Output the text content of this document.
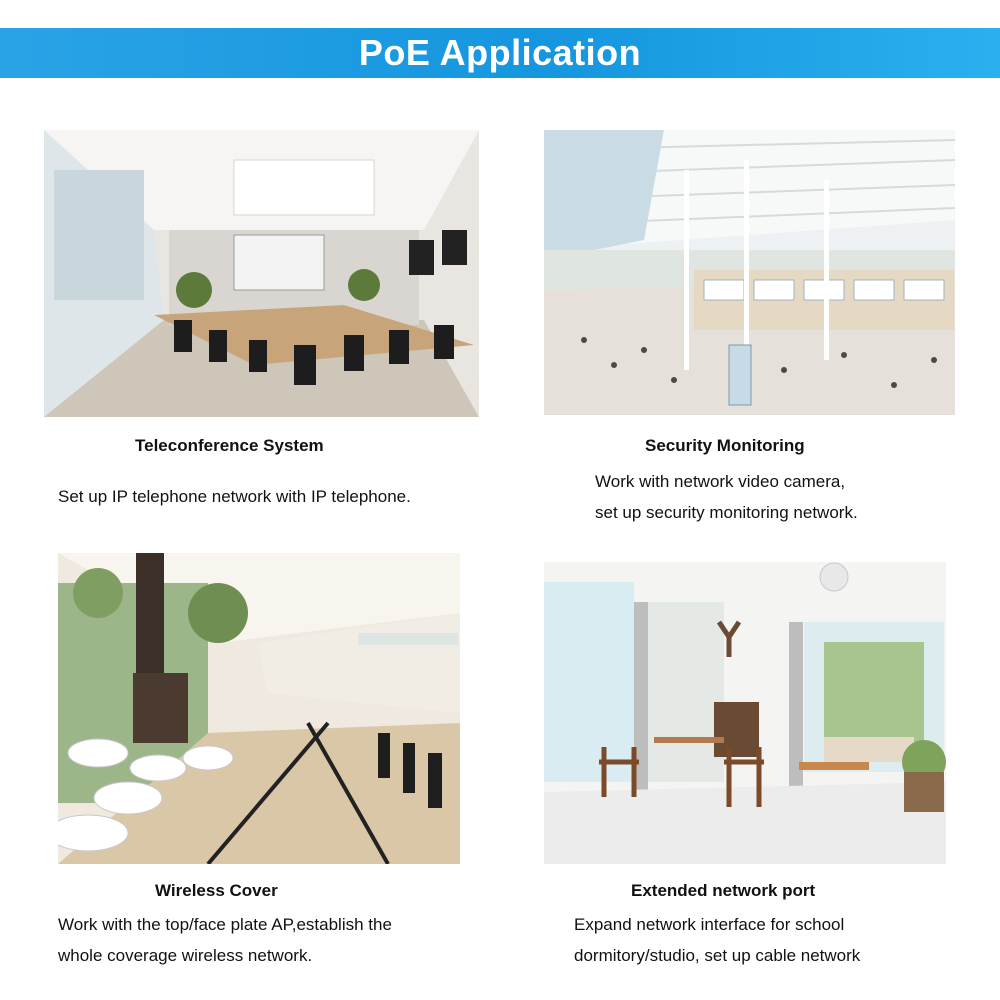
PoE Application
Teleconference System
Set up IP telephone network with IP telephone.
Security Monitoring
Work with network video camera,
set up security monitoring network.
Wireless Cover
Work with the top/face plate AP,establish the
whole coverage wireless network.
Extended network port
Expand network interface for school
dormitory/studio, set up cable network
